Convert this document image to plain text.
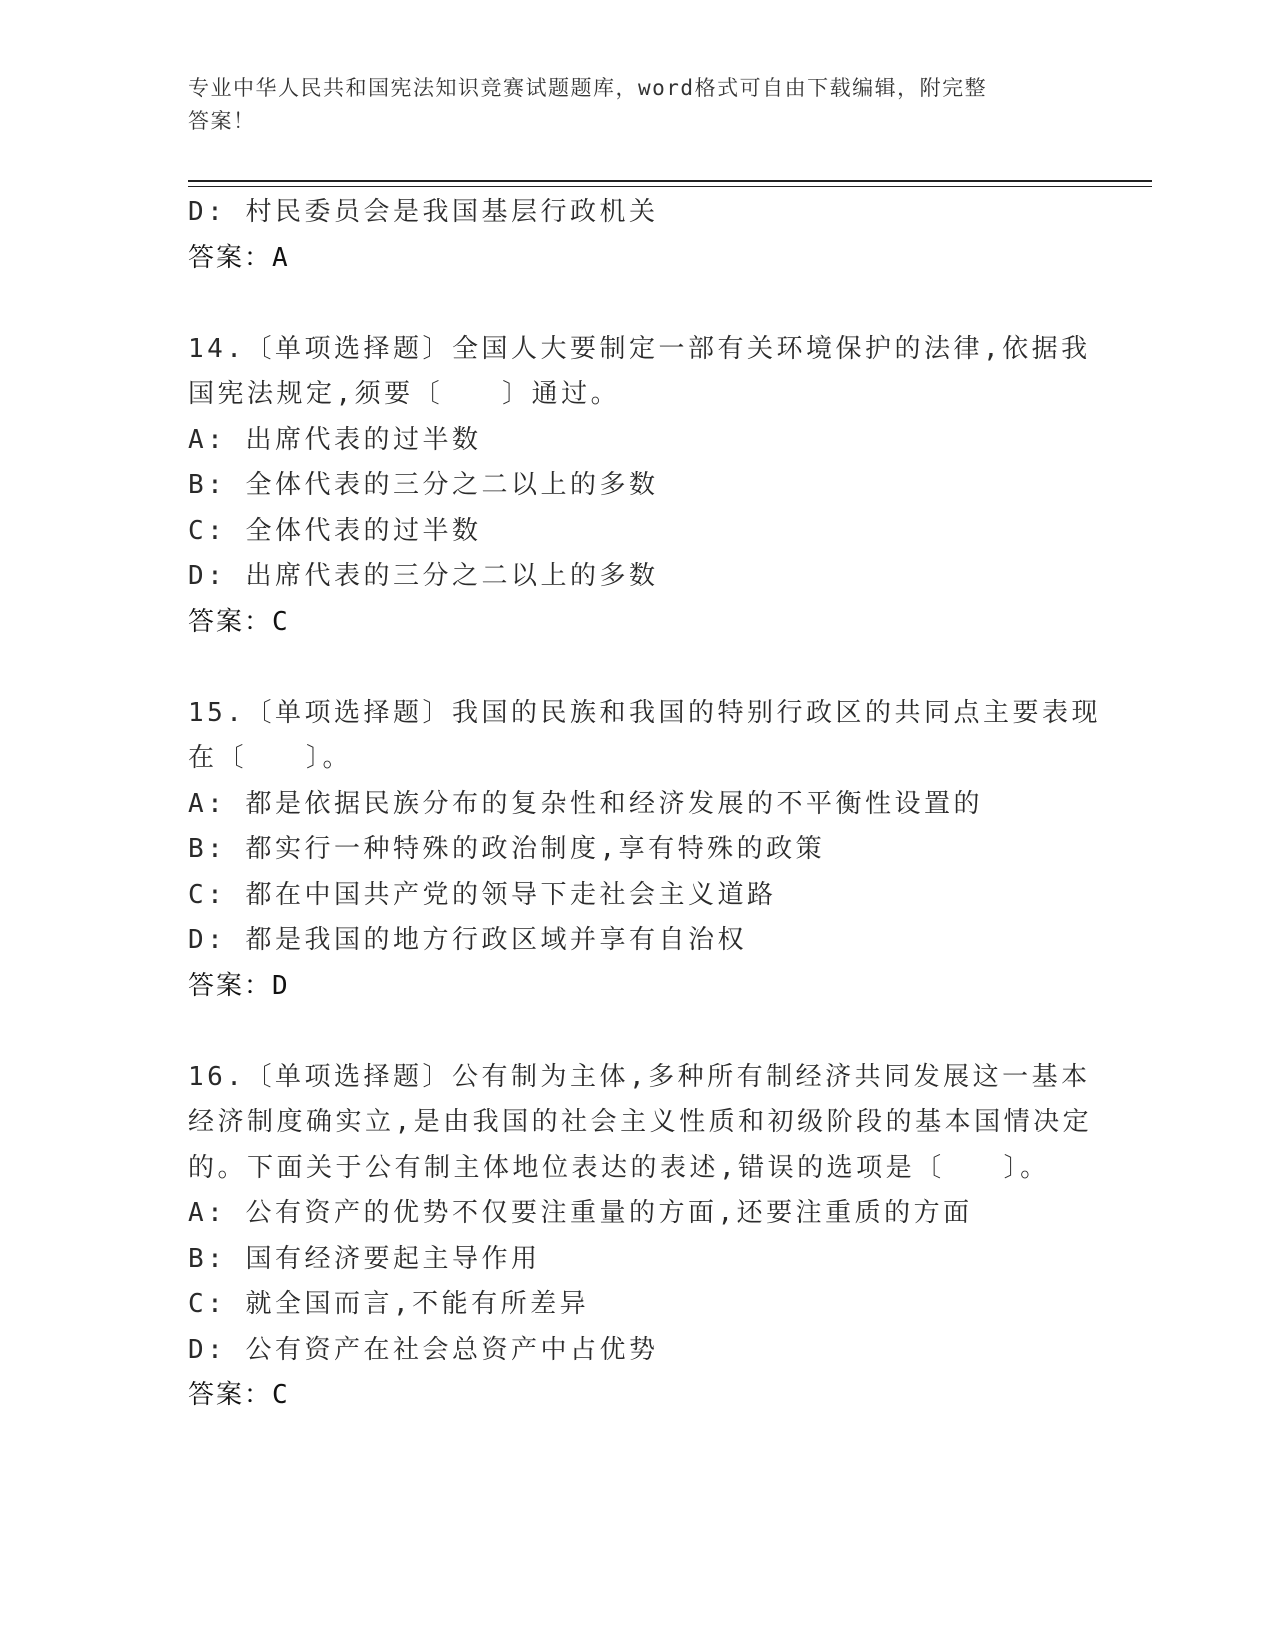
专业中华人民共和国宪法知识竞赛试题题库，word格式可自由下载编辑，附完整
答案！
D: 村民委员会是我国基层行政机关
答案：A
14.〔单项选择题〕全国人大要制定一部有关环境保护的法律,依据我
国宪法规定,须要〔　　〕通过。
A: 出席代表的过半数
B: 全体代表的三分之二以上的多数
C: 全体代表的过半数
D: 出席代表的三分之二以上的多数
答案：C
15.〔单项选择题〕我国的民族和我国的特别行政区的共同点主要表现
在〔　　〕。
A: 都是依据民族分布的复杂性和经济发展的不平衡性设置的
B: 都实行一种特殊的政治制度,享有特殊的政策
C: 都在中国共产党的领导下走社会主义道路
D: 都是我国的地方行政区域并享有自治权
答案：D
16.〔单项选择题〕公有制为主体,多种所有制经济共同发展这一基本
经济制度确实立,是由我国的社会主义性质和初级阶段的基本国情决定
的。下面关于公有制主体地位表达的表述,错误的选项是〔　　〕。
A: 公有资产的优势不仅要注重量的方面,还要注重质的方面
B: 国有经济要起主导作用
C: 就全国而言,不能有所差异
D: 公有资产在社会总资产中占优势
答案：C
